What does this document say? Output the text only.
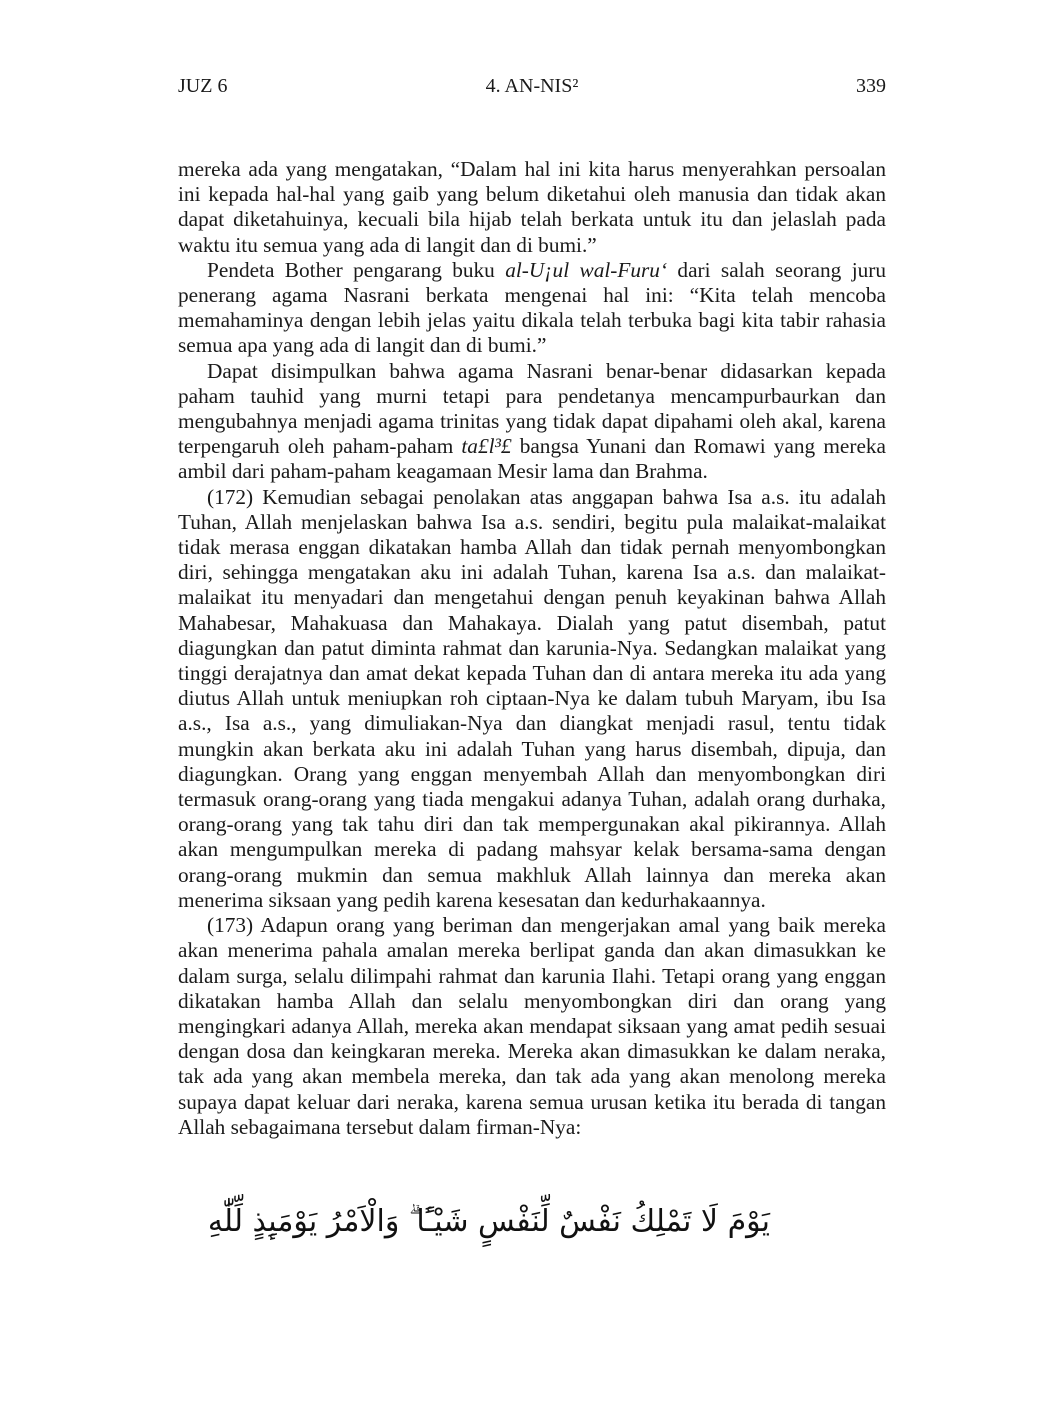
JUZ 6	4. AN-NIS²	339

mereka ada yang mengatakan, “Dalam hal ini kita harus menyerahkan persoalan ini kepada hal-hal yang gaib yang belum diketahui oleh manusia dan tidak akan dapat diketahuinya, kecuali bila hijab telah berkata untuk itu dan jelaslah pada waktu itu semua yang ada di langit dan di bumi.”

Pendeta Bother pengarang buku al-U¡ul wal-Furu‘ dari salah seorang juru penerang agama Nasrani berkata mengenai hal ini: “Kita telah mencoba memahaminya dengan lebih jelas yaitu dikala telah terbuka bagi kita tabir rahasia semua apa yang ada di langit dan di bumi.”

Dapat disimpulkan bahwa agama Nasrani benar-benar didasarkan kepada paham tauhid yang murni tetapi para pendetanya mencampurbaurkan dan mengubahnya menjadi agama trinitas yang tidak dapat dipahami oleh akal, karena terpengaruh oleh paham-paham ta£l³£ bangsa Yunani dan Romawi yang mereka ambil dari paham-paham keagamaan Mesir lama dan Brahma.

(172) Kemudian sebagai penolakan atas anggapan bahwa Isa a.s. itu adalah Tuhan, Allah menjelaskan bahwa Isa a.s. sendiri, begitu pula malaikat-malaikat tidak merasa enggan dikatakan hamba Allah dan tidak pernah menyombongkan diri, sehingga mengatakan aku ini adalah Tuhan, karena Isa a.s. dan malaikat-malaikat itu menyadari dan mengetahui dengan penuh keyakinan bahwa Allah Mahabesar, Mahakuasa dan Mahakaya. Dialah yang patut disembah, patut diagungkan dan patut diminta rahmat dan karunia-Nya. Sedangkan malaikat yang tinggi derajatnya dan amat dekat kepada Tuhan dan di antara mereka itu ada yang diutus Allah untuk meniupkan roh ciptaan-Nya ke dalam tubuh Maryam, ibu Isa a.s., Isa a.s., yang dimuliakan-Nya dan diangkat menjadi rasul, tentu tidak mungkin akan berkata aku ini adalah Tuhan yang harus disembah, dipuja, dan diagungkan. Orang yang enggan menyembah Allah dan menyombongkan diri termasuk orang-orang yang tiada mengakui adanya Tuhan, adalah orang durhaka, orang-orang yang tak tahu diri dan tak mempergunakan akal pikirannya. Allah akan mengumpulkan mereka di padang mahsyar kelak bersama-sama dengan orang-orang mukmin dan semua makhluk Allah lainnya dan mereka akan menerima siksaan yang pedih karena kesesatan dan kedurhakaannya.

(173) Adapun orang yang beriman dan mengerjakan amal yang baik mereka akan menerima pahala amalan mereka berlipat ganda dan akan dimasukkan ke dalam surga, selalu dilimpahi rahmat dan karunia Ilahi. Tetapi orang yang enggan dikatakan hamba Allah dan selalu menyombongkan diri dan orang yang mengingkari adanya Allah, mereka akan mendapat siksaan yang amat pedih sesuai dengan dosa dan keingkaran mereka. Mereka akan dimasukkan ke dalam neraka, tak ada yang akan membela mereka, dan tak ada yang akan menolong mereka supaya dapat keluar dari neraka, karena semua urusan ketika itu berada di tangan Allah sebagaimana tersebut dalam firman-Nya:

يَوْمَ لَا تَمْلِكُ نَفْسٌ لِّنَفْسٍ شَيْـًٔا ۗ وَالْاَمْرُ يَوْمَىِٕذٍ لِّلّٰهِ
